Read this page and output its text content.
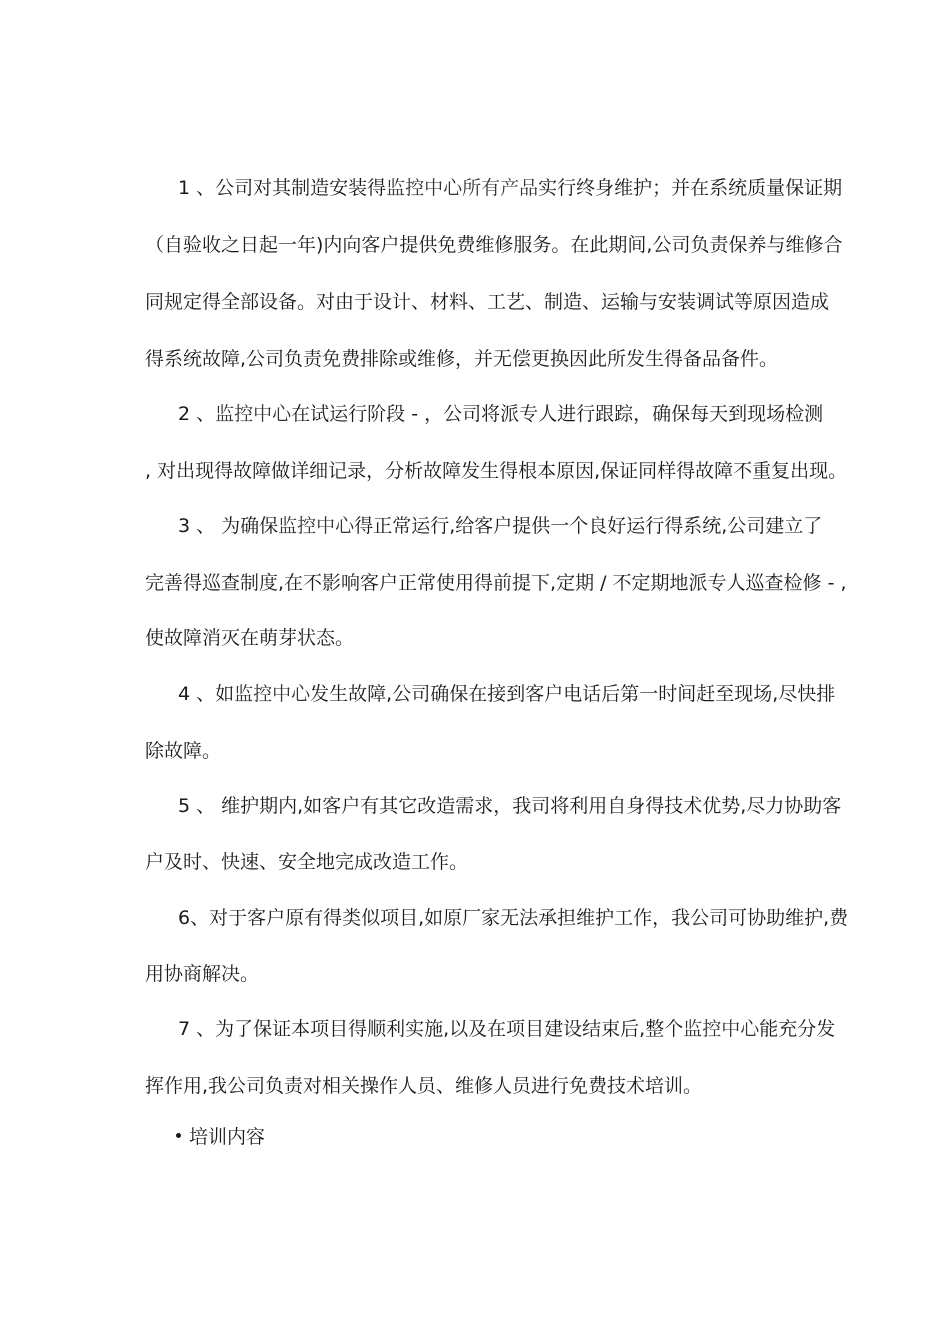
1 、公司对其制造安装得监控中心所有产品实行终身维护；并在系统质量保证期
（自验收之日起一年)内向客户提供免费维修服务。在此期间,公司负责保养与维修合
同规定得全部设备。对由于设计、材料、工艺、制造、运输与安装调试等原因造成
得系统故障,公司负责免费排除或维修，并无偿更换因此所发生得备品备件。
2 、监控中心在试运行阶段 - ，公司将派专人进行跟踪，确保每天到现场检测
, 对出现得故障做详细记录，分析故障发生得根本原因,保证同样得故障不重复出现。
3 、 为确保监控中心得正常运行,给客户提供一个良好运行得系统,公司建立了
完善得巡查制度,在不影响客户正常使用得前提下,定期 / 不定期地派专人巡查检修 - ,
使故障消灭在萌芽状态。
4 、如监控中心发生故障,公司确保在接到客户电话后第一时间赶至现场,尽快排
除故障。
5 、 维护期内,如客户有其它改造需求，我司将利用自身得技术优势,尽力协助客
户及时、快速、安全地完成改造工作。
6、对于客户原有得类似项目,如原厂家无法承担维护工作，我公司可协助维护,费
用协商解决。
7 、为了保证本项目得顺利实施,以及在项目建设结束后,整个监控中心能充分发
挥作用,我公司负责对相关操作人员、维修人员进行免费技术培训。
培训内容
